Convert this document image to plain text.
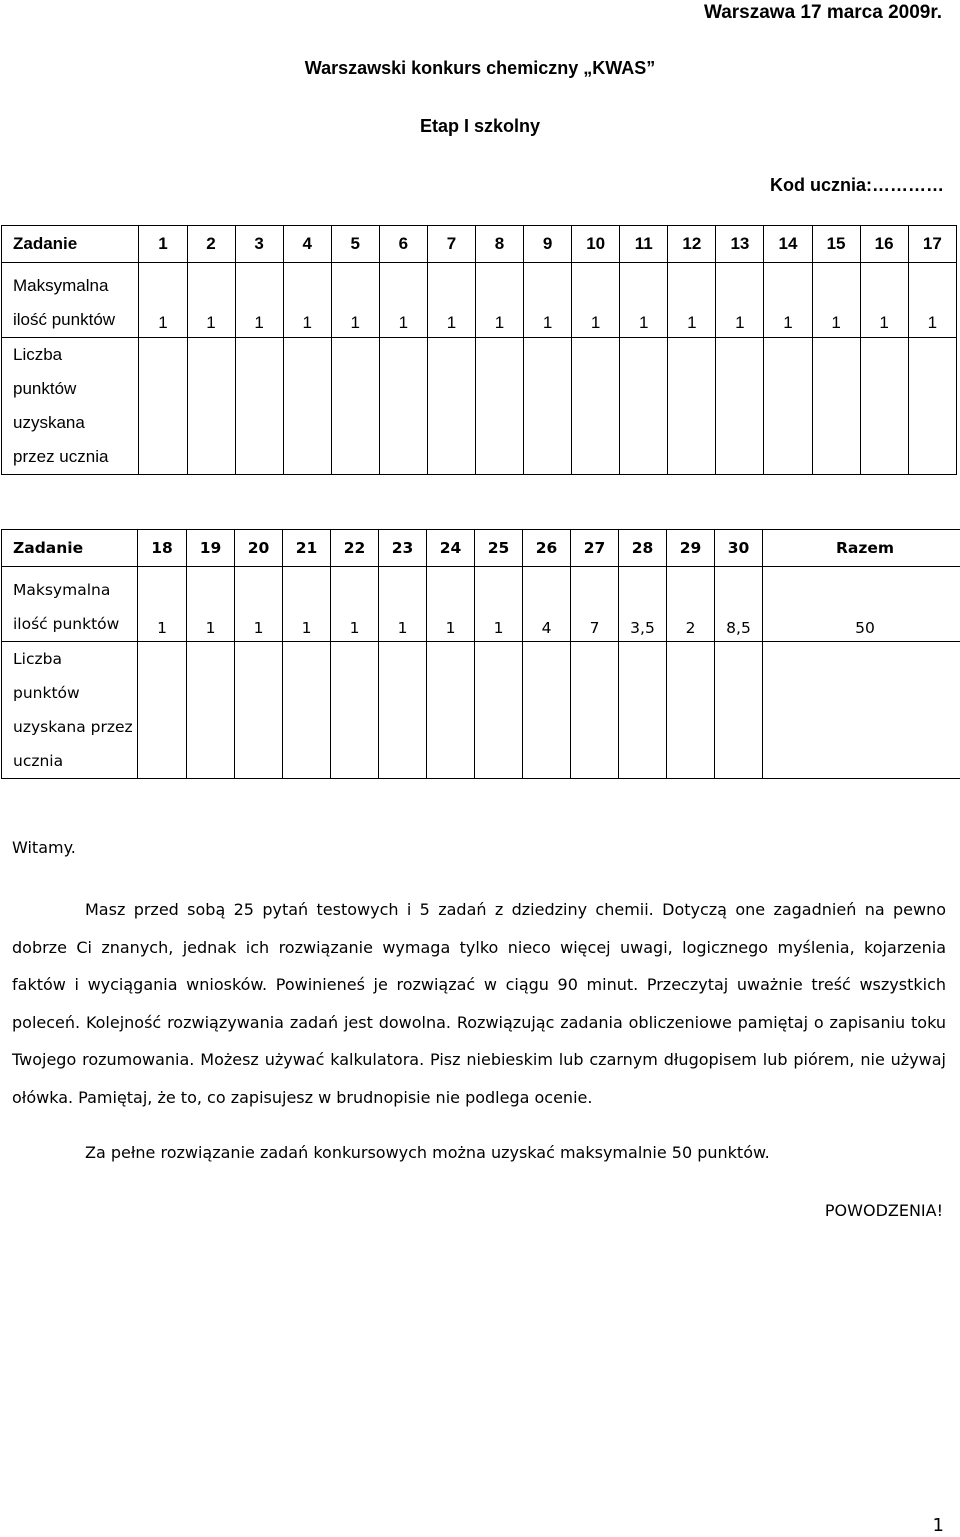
Warszawa 17 marca 2009r.
Warszawski konkurs chemiczny „KWAS”
Etap I szkolny
Kod ucznia:…………
Zadanie	1	2	3	4	5	6	7	8	9	10	11	12	13	14	15	16	17

Maksymalna
ilość punktów	1	1	1	1	1	1	1	1	1	1	1	1	1	1	1	1	1

Liczba
punktów
uzyskana
przez ucznia																	

Zadanie	18	19	20	21	22	23	24	25	26	27	28	29	30	Razem

Maksymalna
ilość punktów	1	1	1	1	1	1	1	1	4	7	3,5	2	8,5	50

Liczba
punktów
uzyskana przez
ucznia														

Witamy.
Masz przed sobą 25 pytań testowych i 5 zadań z dziedziny chemii. Dotyczą one zagadnień na pewno dobrze Ci znanych, jednak ich rozwiązanie wymaga tylko nieco więcej uwagi, logicznego myślenia, kojarzenia faktów i wyciągania wniosków. Powinieneś je rozwiązać w ciągu 90 minut. Przeczytaj uważnie treść wszystkich poleceń. Kolejność rozwiązywania zadań jest dowolna. Rozwiązując zadania obliczeniowe pamiętaj o zapisaniu toku Twojego rozumowania. Możesz używać kalkulatora. Pisz niebieskim lub czarnym długopisem lub piórem, nie używaj ołówka. Pamiętaj, że to, co zapisujesz w brudnopisie nie podlega ocenie.
Za pełne rozwiązanie zadań konkursowych można uzyskać maksymalnie 50 punktów.
POWODZENIA!
1
